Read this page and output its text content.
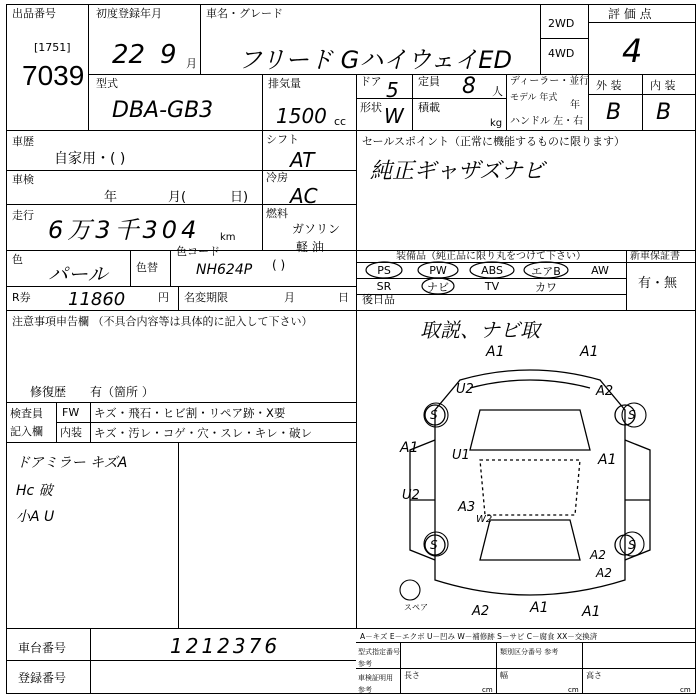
出品番号
[1751]
7039
初度登録年月
22 9 月
車名・グレード
フリード GハイウェイED
2WD
4WD
評 価 点
4
型式
DBA-GB3
排気量
1500 cc
ドア 5
形状 W
定員 8 人
積載
kg
ディーラー・並行
モデル 年式
年
ハンドル 左・右
外 装	内 装
B B
車歴
自家用・( )
シフト
AT
セールスポイント（正常に機能するものに限ります）
純正ギャザズナビ
車検
年	月(	日)
冷房
AC
走行
6万3千304 km
燃料
ガソリン
軽 油
( )
色
パール	色替
色コード
NH624P
装備品（純正品に限り丸をつけて下さい）	新車保証書
有・無
PS	PW	ABS	エアB	AW
SR	ナビ	TV	カワ
R券 11860	円 名変期限	月	日 後日品
取説、ナビ取
注意事項申告欄 （不具合内容等は具体的に記入して下さい）
有（箇所 ）
修復歴
検査員
記入欄
FW キズ・飛石・ヒビ割・リペア跡・X要
内装 キズ・汚レ・コゲ・穴・スレ・キレ・破レ
ドアミラー キズA
Hc 破
小A U
A1	A1
U2	A2
S	S
A1	U1	A1
U2
A3
W2
S	S
A2
A2
A1
A2	A1
スペア
車台番号	1212376
登録番号
A－キズ E－エクボ U－凹み W－補修跡 S－サビ C－腐食 XX－交換済
型式指定番号 参考
類別区分番号 参考
車検証明用 参考
長さ	幅	高さ
cm	cm	cm
